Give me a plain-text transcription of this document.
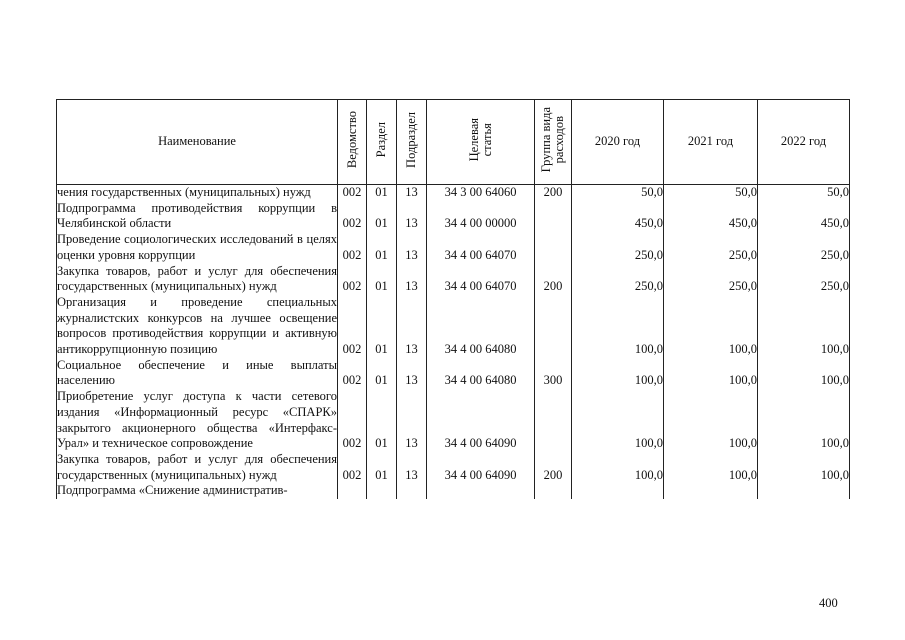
Наименование	Ведомство	Раздел	Подраздел	Целевая статья	Группа вида расходов	2020 год	2021 год	2022 год
чения государственных (муниципальных) нужд	002	01	13	34 3 00 64060	200	50,0	50,0	50,0
Подпрограмма противодействия коррупции в Челябинской области	002	01	13	34 4 00 00000		450,0	450,0	450,0
Проведение социологических исследований в целях оценки уровня коррупции	002	01	13	34 4 00 64070		250,0	250,0	250,0
Закупка товаров, работ и услуг для обеспечения государственных (муниципальных) нужд	002	01	13	34 4 00 64070	200	250,0	250,0	250,0
Организация и проведение специальных журналистских конкурсов на лучшее освещение вопросов противодействия коррупции и активную антикоррупционную позицию	002	01	13	34 4 00 64080		100,0	100,0	100,0
Социальное обеспечение и иные выплаты населению	002	01	13	34 4 00 64080	300	100,0	100,0	100,0
Приобретение услуг доступа к части сетевого издания «Информационный ресурс «СПАРК» закрытого акционерного общества «Интерфакс-Урал» и техническое сопровождение	002	01	13	34 4 00 64090		100,0	100,0	100,0
Закупка товаров, работ и услуг для обеспечения государственных (муниципальных) нужд	002	01	13	34 4 00 64090	200	100,0	100,0	100,0
Подпрограмма «Снижение административ-								
400
